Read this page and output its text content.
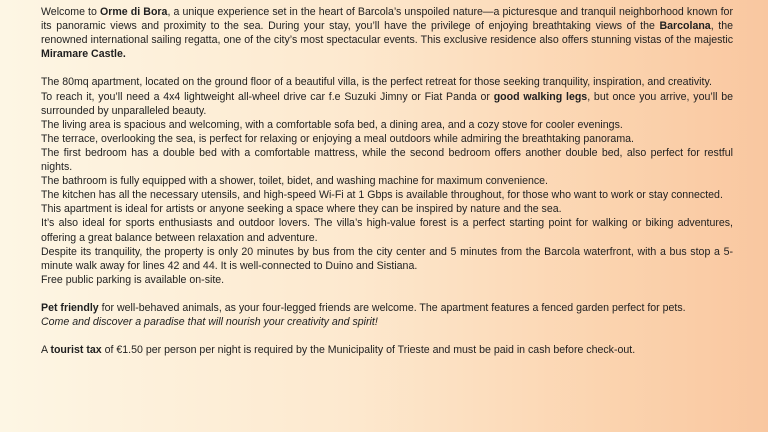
Welcome to Orme di Bora, a unique experience set in the heart of Barcola’s unspoiled nature—a picturesque and tranquil neighborhood known for its panoramic views and proximity to the sea. During your stay, you’ll have the privilege of enjoying breathtaking views of the Barcolana, the renowned international sailing regatta, one of the city’s most spectacular events. This exclusive residence also offers stunning vistas of the majestic Miramare Castle.

The 80mq apartment, located on the ground floor of a beautiful villa, is the perfect retreat for those seeking tranquility, inspiration, and creativity.

To reach it, you’ll need a 4x4 lightweight all-wheel drive car f.e Suzuki Jimny or Fiat Panda or good walking legs, but once you arrive, you’ll be surrounded by unparalleled beauty.

The living area is spacious and welcoming, with a comfortable sofa bed, a dining area, and a cozy stove for cooler evenings.

The terrace, overlooking the sea, is perfect for relaxing or enjoying a meal outdoors while admiring the breathtaking panorama.

The first bedroom has a double bed with a comfortable mattress, while the second bedroom offers another double bed, also perfect for restful nights.

The bathroom is fully equipped with a shower, toilet, bidet, and washing machine for maximum convenience.

The kitchen has all the necessary utensils, and high-speed Wi-Fi at 1 Gbps is available throughout, for those who want to work or stay connected.

This apartment is ideal for artists or anyone seeking a space where they can be inspired by nature and the sea.

It’s also ideal for sports enthusiasts and outdoor lovers. The villa’s high-value forest is a perfect starting point for walking or biking adventures, offering a great balance between relaxation and adventure.

Despite its tranquility, the property is only 20 minutes by bus from the city center and 5 minutes from the Barcola waterfront, with a bus stop a 5-minute walk away for lines 42 and 44. It is well-connected to Duino and Sistiana.

Free public parking is available on-site.

Pet friendly for well-behaved animals, as your four-legged friends are welcome. The apartment features a fenced garden perfect for pets.

Come and discover a paradise that will nourish your creativity and spirit!

A tourist tax of €1.50 per person per night is required by the Municipality of Trieste and must be paid in cash before check-out.
